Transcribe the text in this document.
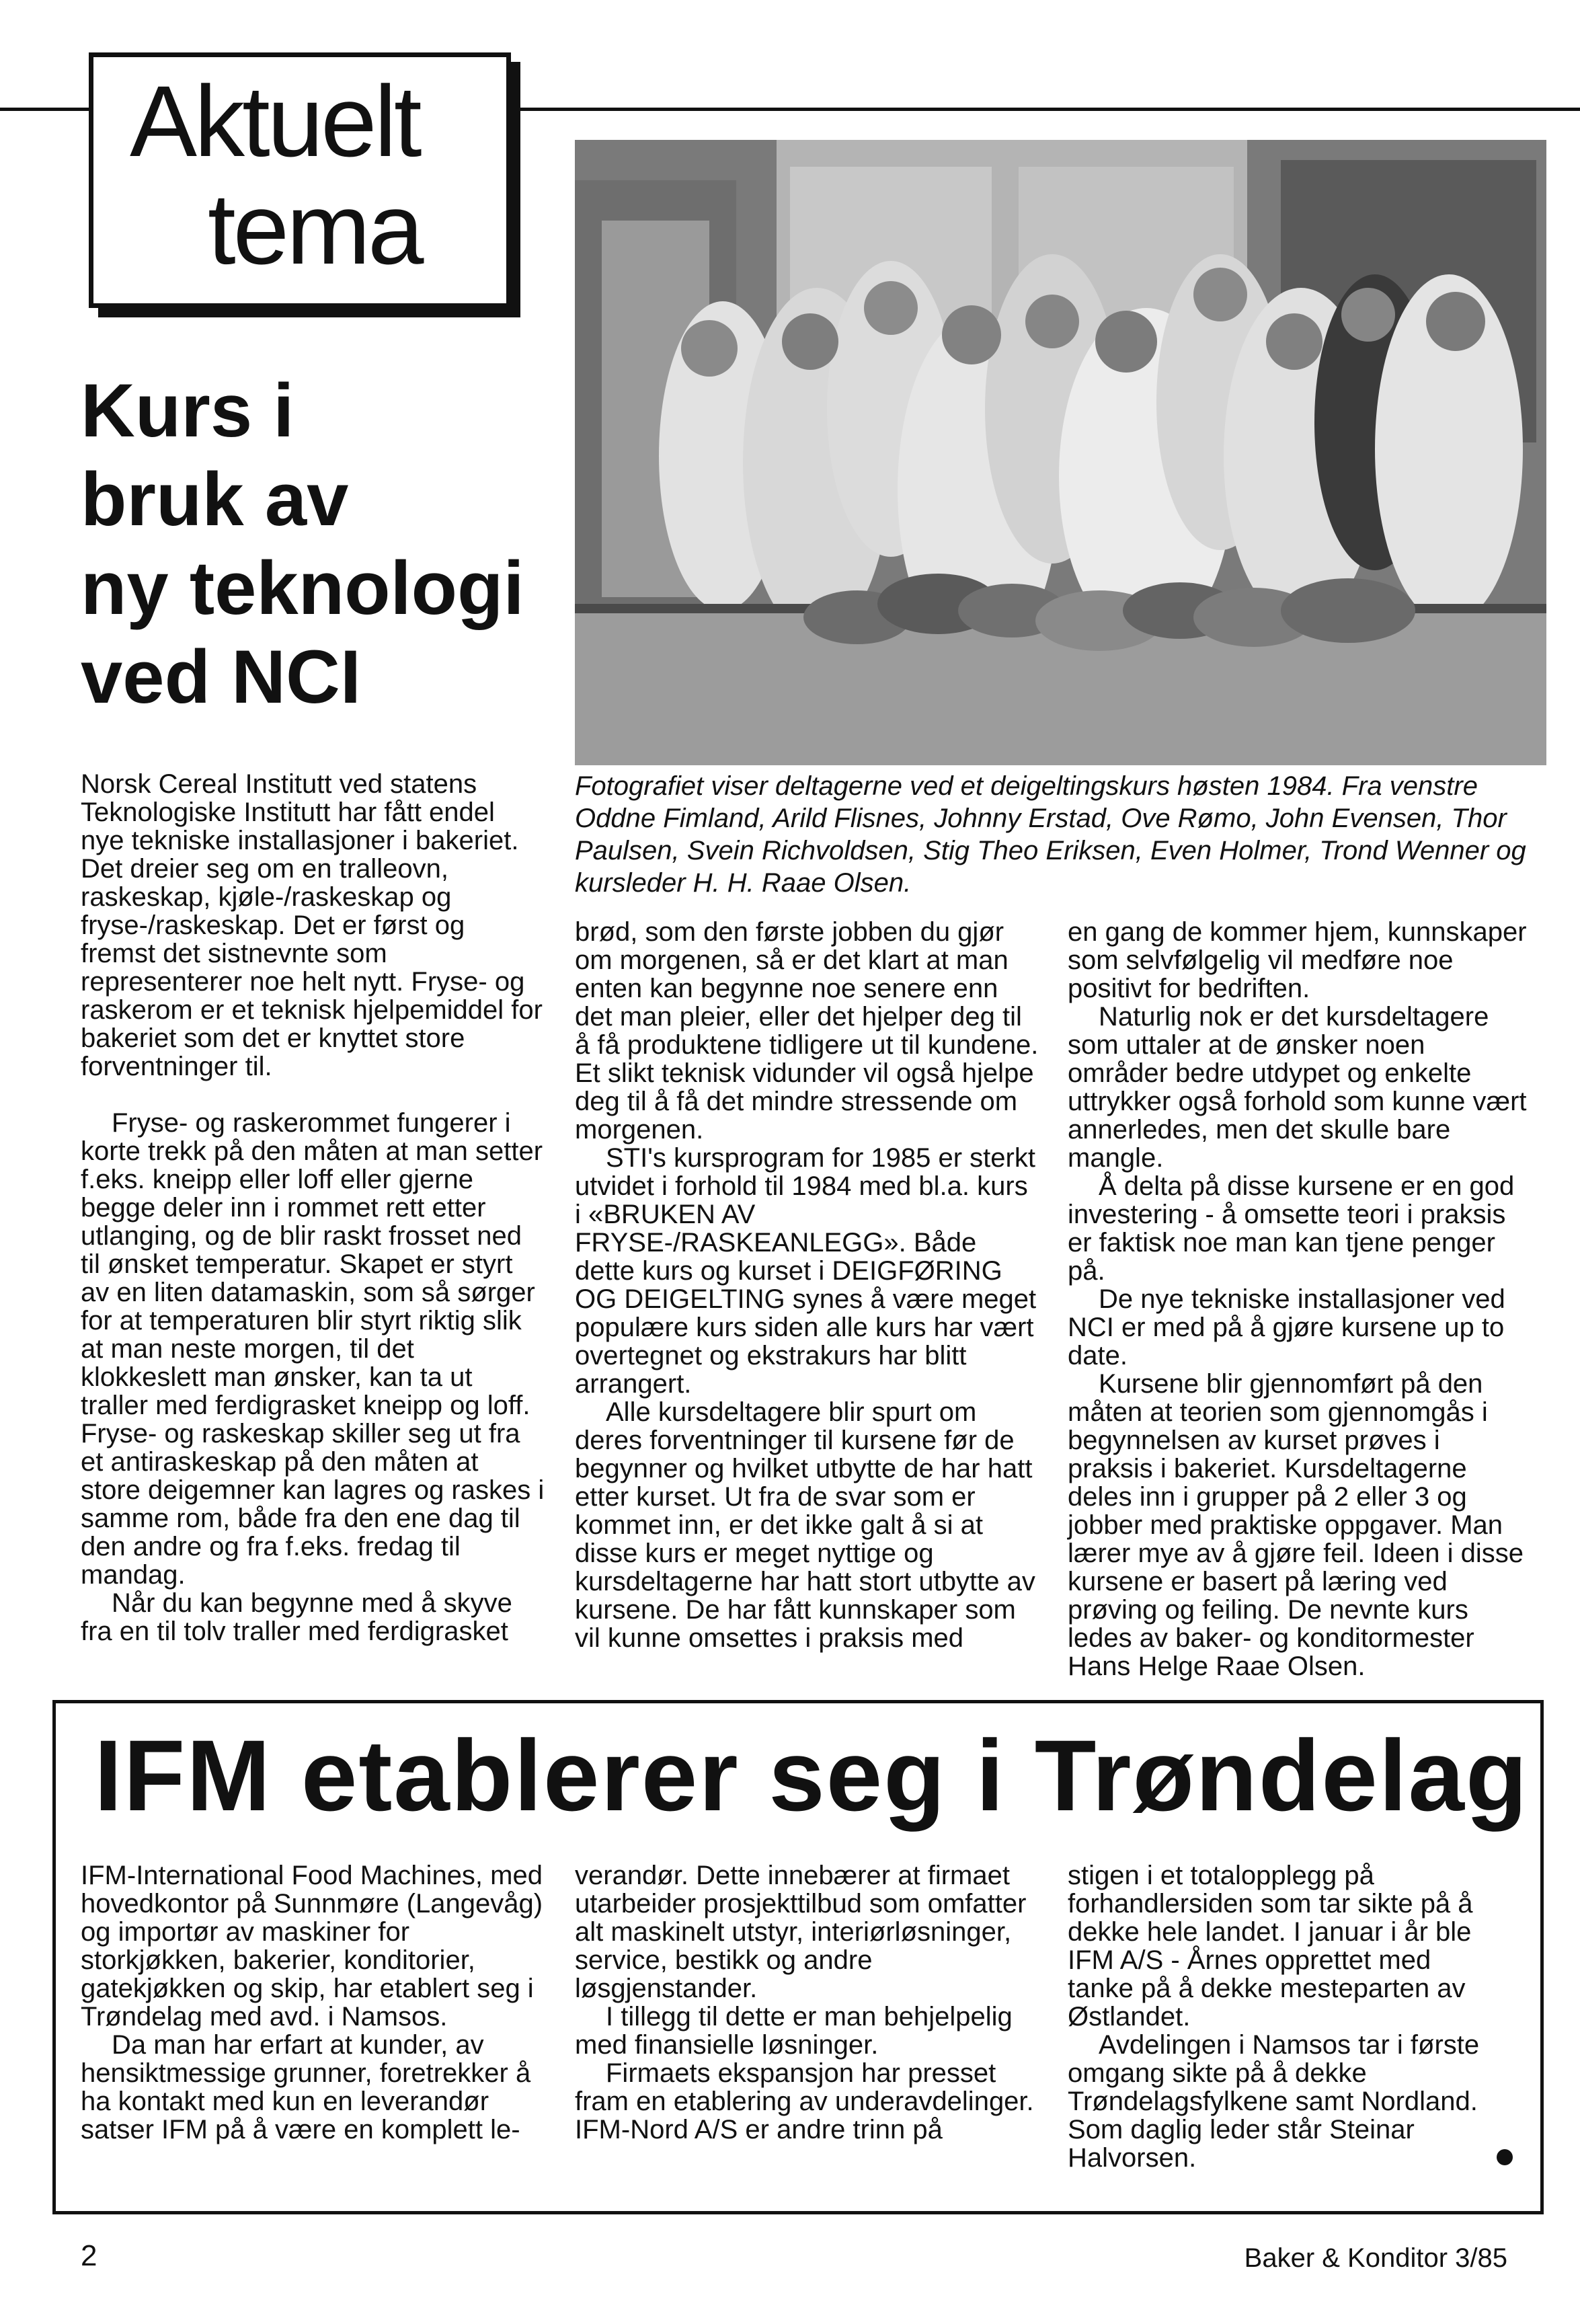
Aktuelt
tema
Kurs i
bruk av
ny teknologi
ved NCI
Fotografiet viser deltagerne ved et deigeltingskurs høsten 1984. Fra venstre Oddne Fimland, Arild Flisnes, Johnny Erstad, Ove Rømo, John Evensen, Thor Paulsen, Svein Richvoldsen, Stig Theo Eriksen, Even Holmer, Trond Wenner og kursleder H. H. Raae Olsen.

Norsk Cereal Institutt ved statens Teknologiske Institutt har fått endel nye tekniske installasjoner i bakeriet. Det dreier seg om en tralleovn, raskeskap, kjøle-/raskeskap og fryse-/raskeskap. Det er først og fremst det sistnevnte som representerer noe helt nytt. Fryse- og raskerom er et teknisk hjelpemiddel for bakeriet som det er knyttet store forventninger til.

Fryse- og raskerommet fungerer i korte trekk på den måten at man setter f.eks. kneipp eller loff eller gjerne begge deler inn i rommet rett etter utlanging, og de blir raskt frosset ned til ønsket temperatur. Skapet er styrt av en liten datamaskin, som så sørger for at temperaturen blir styrt riktig slik at man neste morgen, til det klokkeslett man ønsker, kan ta ut traller med ferdigrasket kneipp og loff. Fryse- og raskeskap skiller seg ut fra et antiraskeskap på den måten at store deigemner kan lagres og raskes i samme rom, både fra den ene dag til den andre og fra f.eks. fredag til mandag.

Når du kan begynne med å skyve fra en til tolv traller med ferdigrasket

brød, som den første jobben du gjør om morgenen, så er det klart at man enten kan begynne noe senere enn det man pleier, eller det hjelper deg til å få produktene tidligere ut til kundene. Et slikt teknisk vidunder vil også hjelpe deg til å få det mindre stressende om morgenen.

STI's kursprogram for 1985 er sterkt utvidet i forhold til 1984 med bl.a. kurs i «BRUKEN AV FRYSE-/RASKEANLEGG». Både dette kurs og kurset i DEIGFØRING OG DEIGELTING synes å være meget populære kurs siden alle kurs har vært overtegnet og ekstrakurs har blitt arrangert.

Alle kursdeltagere blir spurt om deres forventninger til kursene før de begynner og hvilket utbytte de har hatt etter kurset. Ut fra de svar som er kommet inn, er det ikke galt å si at disse kurs er meget nyttige og kursdeltagerne har hatt stort utbytte av kursene. De har fått kunnskaper som vil kunne omsettes i praksis med

en gang de kommer hjem, kunnskaper som selvfølgelig vil medføre noe positivt for bedriften.

Naturlig nok er det kursdeltagere som uttaler at de ønsker noen områder bedre utdypet og enkelte uttrykker også forhold som kunne vært annerledes, men det skulle bare mangle.

Å delta på disse kursene er en god investering - å omsette teori i praksis er faktisk noe man kan tjene penger på.

De nye tekniske installasjoner ved NCI er med på å gjøre kursene up to date.

Kursene blir gjennomført på den måten at teorien som gjennomgås i begynnelsen av kurset prøves i praksis i bakeriet. Kursdeltagerne deles inn i grupper på 2 eller 3 og jobber med praktiske oppgaver. Man lærer mye av å gjøre feil. Ideen i disse kursene er basert på læring ved prøving og feiling. De nevnte kurs ledes av baker- og konditormester Hans Helge Raae Olsen.

IFM etablerer seg i Trøndelag

IFM-International Food Machines, med hovedkontor på Sunnmøre (Langevåg) og importør av maskiner for storkjøkken, bakerier, konditorier, gatekjøkken og skip, har etablert seg i Trøndelag med avd. i Namsos.

Da man har erfart at kunder, av hensiktmessige grunner, foretrekker å ha kontakt med kun en leverandør satser IFM på å være en komplett le-

verandør. Dette innebærer at firmaet utarbeider prosjekttilbud som omfatter alt maskinelt utstyr, interiørløsninger, service, bestikk og andre løsgjenstander.

I tillegg til dette er man behjelpelig med finansielle løsninger.

Firmaets ekspansjon har presset fram en etablering av underavdelinger. IFM-Nord A/S er andre trinn på

stigen i et totalopplegg på forhandlersiden som tar sikte på å dekke hele landet. I januar i år ble IFM A/S - Årnes opprettet med tanke på å dekke mesteparten av Østlandet.

Avdelingen i Namsos tar i første omgang sikte på å dekke Trøndelagsfylkene samt Nordland. Som daglig leder står Steinar Halvorsen.

2	Baker & Konditor 3/85
